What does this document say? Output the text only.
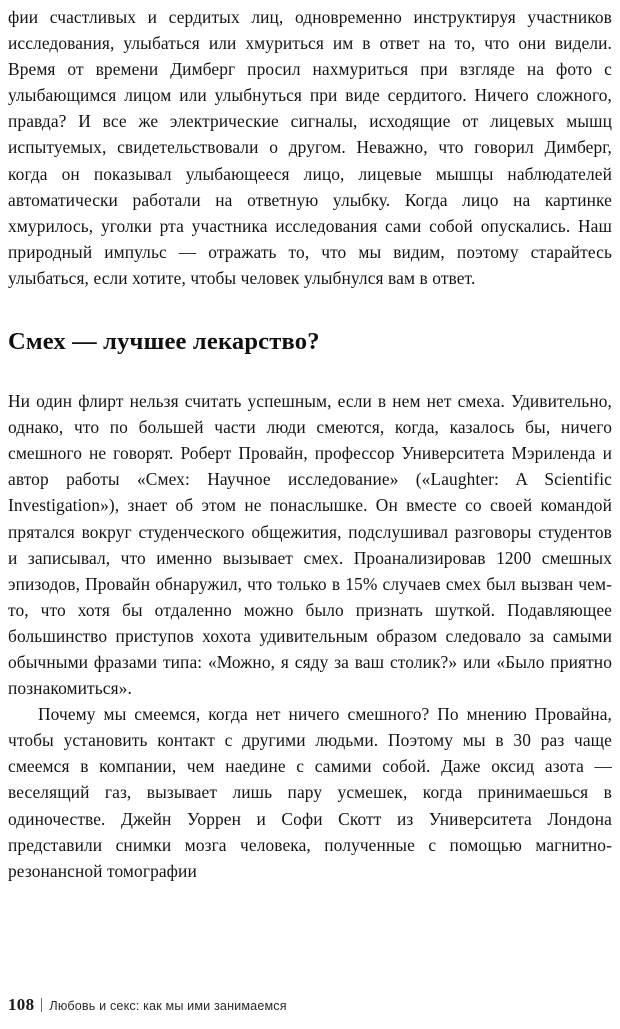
фии счастливых и сердитых лиц, одновременно инструктируя участников исследования, улыбаться или хмуриться им в ответ на то, что они видели. Время от времени Димберг просил нахмуриться при взгляде на фото с улыбающимся лицом или улыбнуться при виде сердитого. Ничего сложного, правда? И все же электрические сигналы, исходящие от лицевых мышц испытуемых, свидетельствовали о другом. Неважно, что говорил Димберг, когда он показывал улыбающееся лицо, лицевые мышцы наблюдателей автоматически работали на ответную улыбку. Когда лицо на картинке хмурилось, уголки рта участника исследования сами собой опускались. Наш природный импульс — отражать то, что мы видим, поэтому старайтесь улыбаться, если хотите, чтобы человек улыбнулся вам в ответ.

Смех — лучшее лекарство?

Ни один флирт нельзя считать успешным, если в нем нет смеха. Удивительно, однако, что по большей части люди смеются, когда, казалось бы, ничего смешного не говорят. Роберт Провайн, профессор Университета Мэриленда и автор работы «Смех: Научное исследование» («Laughter: A Scientific Investigation»), знает об этом не понаслышке. Он вместе со своей командой прятался вокруг студенческого общежития, подслушивал разговоры студентов и записывал, что именно вызывает смех. Проанализировав 1200 смешных эпизодов, Провайн обнаружил, что только в 15% случаев смех был вызван чем-то, что хотя бы отдаленно можно было признать шуткой. Подавляющее большинство приступов хохота удивительным образом следовало за самыми обычными фразами типа: «Можно, я сяду за ваш столик?» или «Было приятно познакомиться».

Почему мы смеемся, когда нет ничего смешного? По мнению Провайна, чтобы установить контакт с другими людьми. Поэтому мы в 30 раз чаще смеемся в компании, чем наедине с самими собой. Даже оксид азота — веселящий газ, вызывает лишь пару усмешек, когда принимаешься в одиночестве. Джейн Уоррен и Софи Скотт из Университета Лондона представили снимки мозга человека, полученные с помощью магнитно-резонансной томографии

108 Любовь и секс: как мы ими занимаемся
